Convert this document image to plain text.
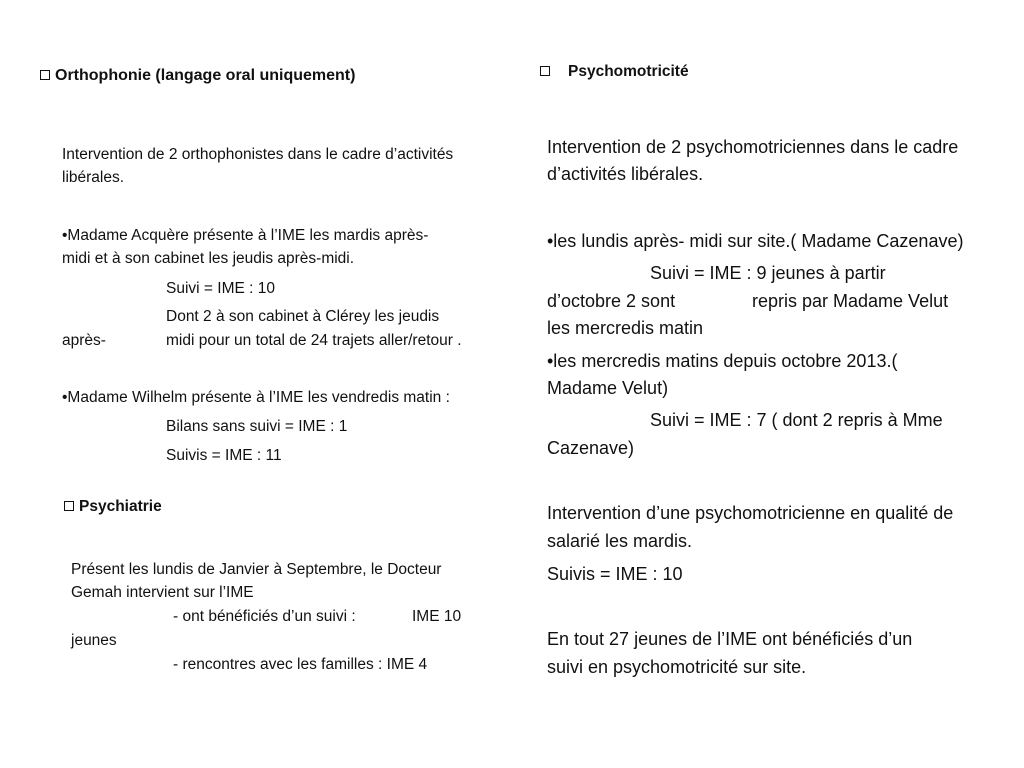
Orthophonie (langage oral uniquement)
Intervention de 2 orthophonistes dans le cadre d’activités
libérales.
•Madame Acquère présente à l’IME les mardis après-
midi et à son cabinet les jeudis après-midi.
Suivi = IME : 10
Dont 2 à son cabinet à Clérey les jeudis
après-	midi pour un total de 24 trajets aller/retour .
•Madame Wilhelm présente à l’IME les vendredis matin :
Bilans sans suivi = IME : 1
Suivis = IME : 11
Psychiatrie
Présent les lundis de Janvier à Septembre, le Docteur
Gemah intervient sur l’IME
- ont bénéficiés d’un suivi :	IME 10
jeunes
- rencontres avec les familles : IME 4
Psychomotricité
Intervention de 2 psychomotriciennes dans le cadre
d’activités libérales.
•les lundis après- midi sur site.( Madame Cazenave)
Suivi = IME : 9 jeunes à partir
d’octobre 2 sont	repris par Madame Velut
les mercredis matin
•les mercredis matins depuis octobre 2013.(
Madame Velut)
Suivi = IME : 7 ( dont 2 repris à Mme
Cazenave)
Intervention d’une psychomotricienne en qualité de
salarié les mardis.
Suivis = IME : 10
En tout 27 jeunes de l’IME ont bénéficiés d’un
suivi en psychomotricité sur site.
